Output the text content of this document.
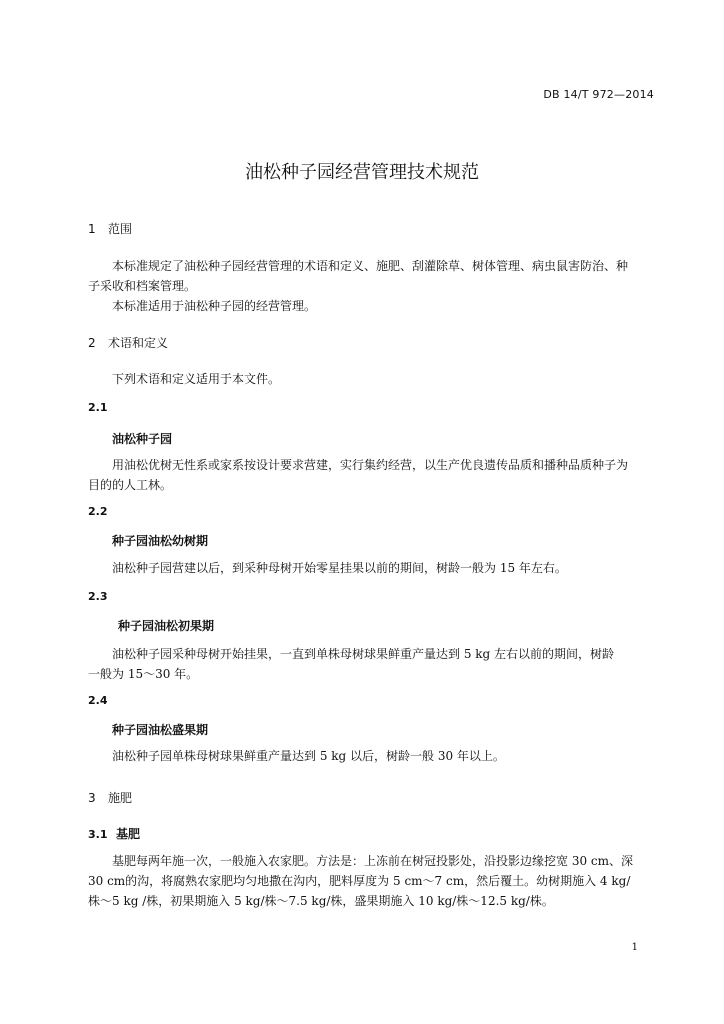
DB 14/T 972—2014
油松种子园经营管理技术规范
1 范围
本标准规定了油松种子园经营管理的术语和定义、施肥、刮灌除草、树体管理、病虫鼠害防治、种
子采收和档案管理。
本标准适用于油松种子园的经营管理。
2 术语和定义
下列术语和定义适用于本文件。
2.1
油松种子园
用油松优树无性系或家系按设计要求营建，实行集约经营，以生产优良遗传品质和播种品质种子为
目的的人工林。
2.2
种子园油松幼树期
油松种子园营建以后，到采种母树开始零星挂果以前的期间，树龄一般为 15 年左右。
2.3
种子园油松初果期
油松种子园采种母树开始挂果，一直到单株母树球果鲜重产量达到 5 kg 左右以前的期间，树龄
一般为 15～30 年。
2.4
种子园油松盛果期
油松种子园单株母树球果鲜重产量达到 5 kg 以后，树龄一般 30 年以上。
3 施肥
3.1 基肥
基肥每两年施一次，一般施入农家肥。方法是：上冻前在树冠投影处，沿投影边缘挖宽 30 cm、深
30 cm的沟，将腐熟农家肥均匀地撒在沟内，肥料厚度为 5 cm～7 cm，然后覆土。幼树期施入 4 kg/
株～5 kg /株，初果期施入 5 kg/株～7.5 kg/株，盛果期施入 10 kg/株～12.5 kg/株。
1
